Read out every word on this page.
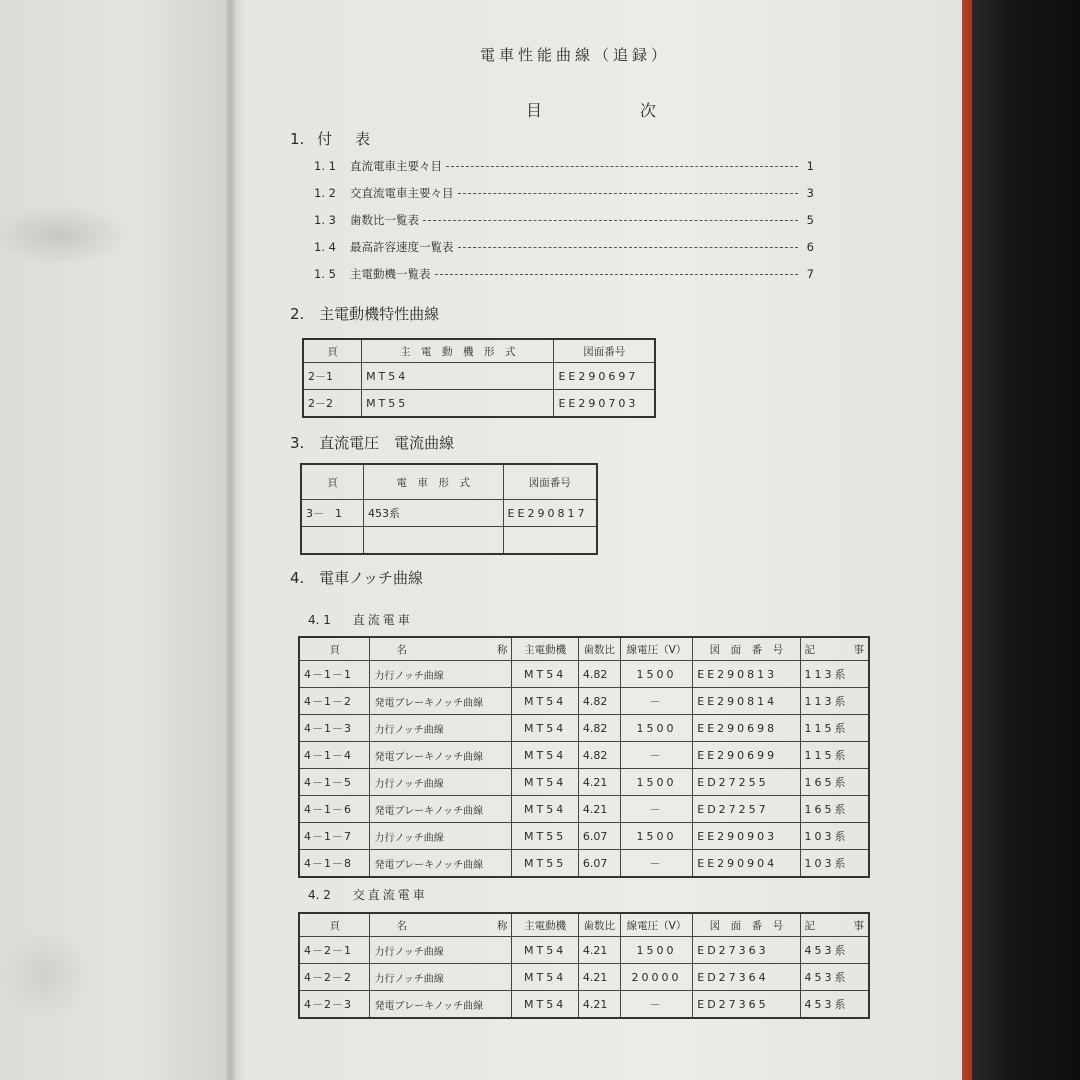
電車性能曲線（追録）
目	次
1. 付　表
1. 1	直流電車主要々目	1
1. 2	交直流電車主要々目	3
1. 3	歯数比一覧表	5
1. 4	最高許容速度一覧表	6
1. 5	主電動機一覧表	7
2. 主電動機特性曲線
頁	主　電　動　機　形　式	図面番号
2－1	MT54	EE290697
2－2	MT55	EE290703
3. 直流電圧　電流曲線
頁	電　車　形　式	図面番号
3－　1	453系	EE290817

4. 電車ノッチ曲線
4. 1 直流電車
頁	名 称	主電動機	歯数比	線電圧（V）	図　面　番　号	記 事

4－1－1	力行ノッチ曲線	MT54	4.82	1500	EE290813	113系
4－1－2	発電ブレーキノッチ曲線	MT54	4.82	－	EE290814	113系
4－1－3	力行ノッチ曲線	MT54	4.82	1500	EE290698	115系
4－1－4	発電ブレーキノッチ曲線	MT54	4.82	－	EE290699	115系
4－1－5	力行ノッチ曲線	MT54	4.21	1500	ED27255	165系
4－1－6	発電ブレーキノッチ曲線	MT54	4.21	－	ED27257	165系
4－1－7	力行ノッチ曲線	MT55	6.07	1500	EE290903	103系
4－1－8	発電ブレーキノッチ曲線	MT55	6.07	－	EE290904	103系
4. 2 交直流電車
頁	名 称	主電動機	歯数比	線電圧（V）	図　面　番　号	記 事

4－2－1	力行ノッチ曲線	MT54	4.21	1500	ED27363	453系
4－2－2	力行ノッチ曲線	MT54	4.21	20000	ED27364	453系
4－2－3	発電ブレーキノッチ曲線	MT54	4.21	－	ED27365	453系
